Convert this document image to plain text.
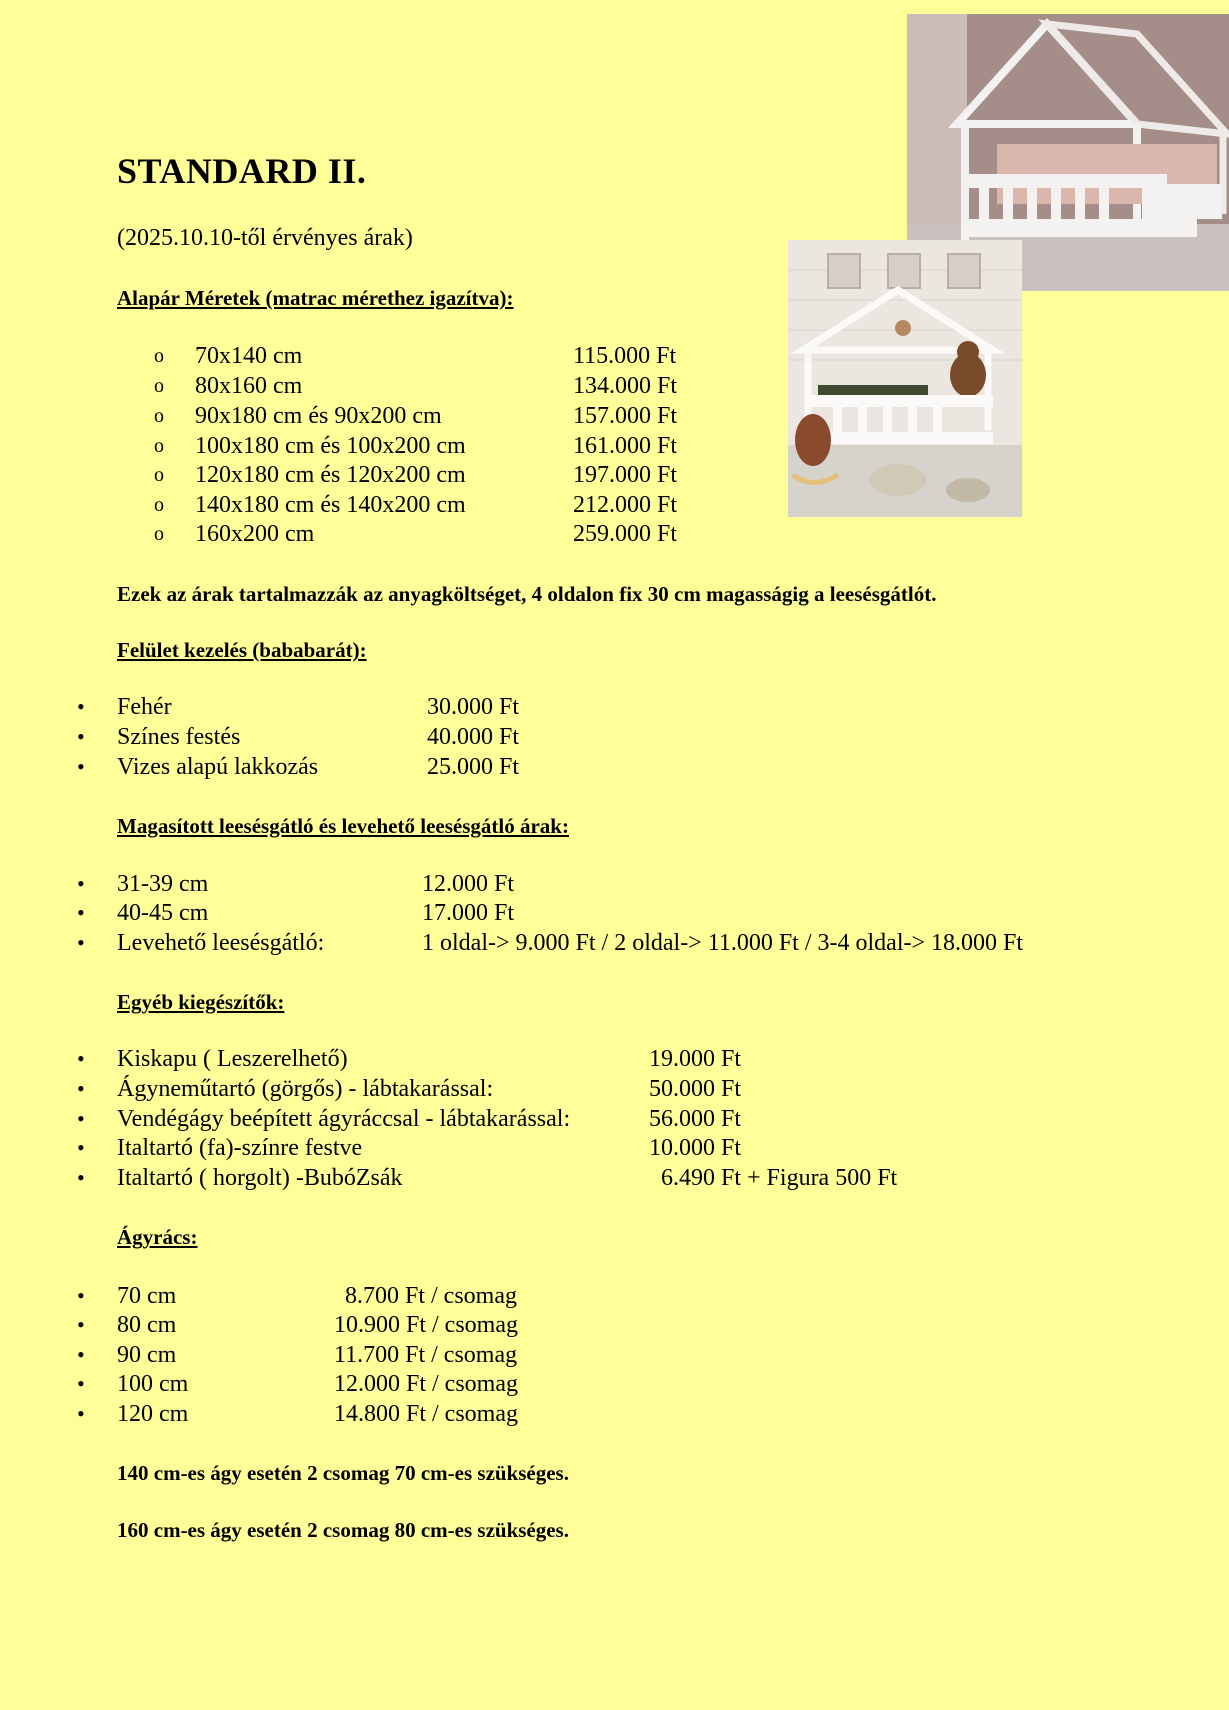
STANDARD II.
(2025.10.10-től érvényes árak)
Alapár Méretek (matrac mérethez igazítva):
o 70x140 cm	115.000 Ft
o 80x160 cm	134.000 Ft
o 90x180 cm és 90x200 cm	157.000 Ft
o 100x180 cm és 100x200 cm	161.000 Ft
o 120x180 cm és 120x200 cm	197.000 Ft
o 140x180 cm és 140x200 cm	212.000 Ft
o 160x200 cm	259.000 Ft
Ezek az árak tartalmazzák az anyagköltséget, 4 oldalon fix 30 cm magasságig a leesésgátlót.
Felület kezelés (bababarát):
• Fehér	30.000 Ft
• Színes festés	40.000 Ft
• Vizes alapú lakkozás	25.000 Ft
Magasított leesésgátló és levehető leesésgátló árak:
• 31-39 cm	12.000 Ft
• 40-45 cm	17.000 Ft
• Levehető leesésgátló:	1 oldal-> 9.000 Ft / 2 oldal-> 11.000 Ft / 3-4 oldal-> 18.000 Ft
Egyéb kiegészítők:
• Kiskapu ( Leszerelhető)	19.000 Ft
• Ágyneműtartó (görgős) - lábtakarással:	50.000 Ft
• Vendégágy beépített ágyráccsal - lábtakarással:	56.000 Ft
• Italtartó (fa)-színre festve	10.000 Ft
• Italtartó ( horgolt) -BubóZsák	6.490 Ft + Figura 500 Ft
Ágyrács:
• 70 cm	8.700 Ft / csomag
• 80 cm	10.900 Ft / csomag
• 90 cm	11.700 Ft / csomag
• 100 cm	12.000 Ft / csomag
• 120 cm	14.800 Ft / csomag
140 cm-es ágy esetén 2 csomag 70 cm-es szükséges.
160 cm-es ágy esetén 2 csomag 80 cm-es szükséges.
